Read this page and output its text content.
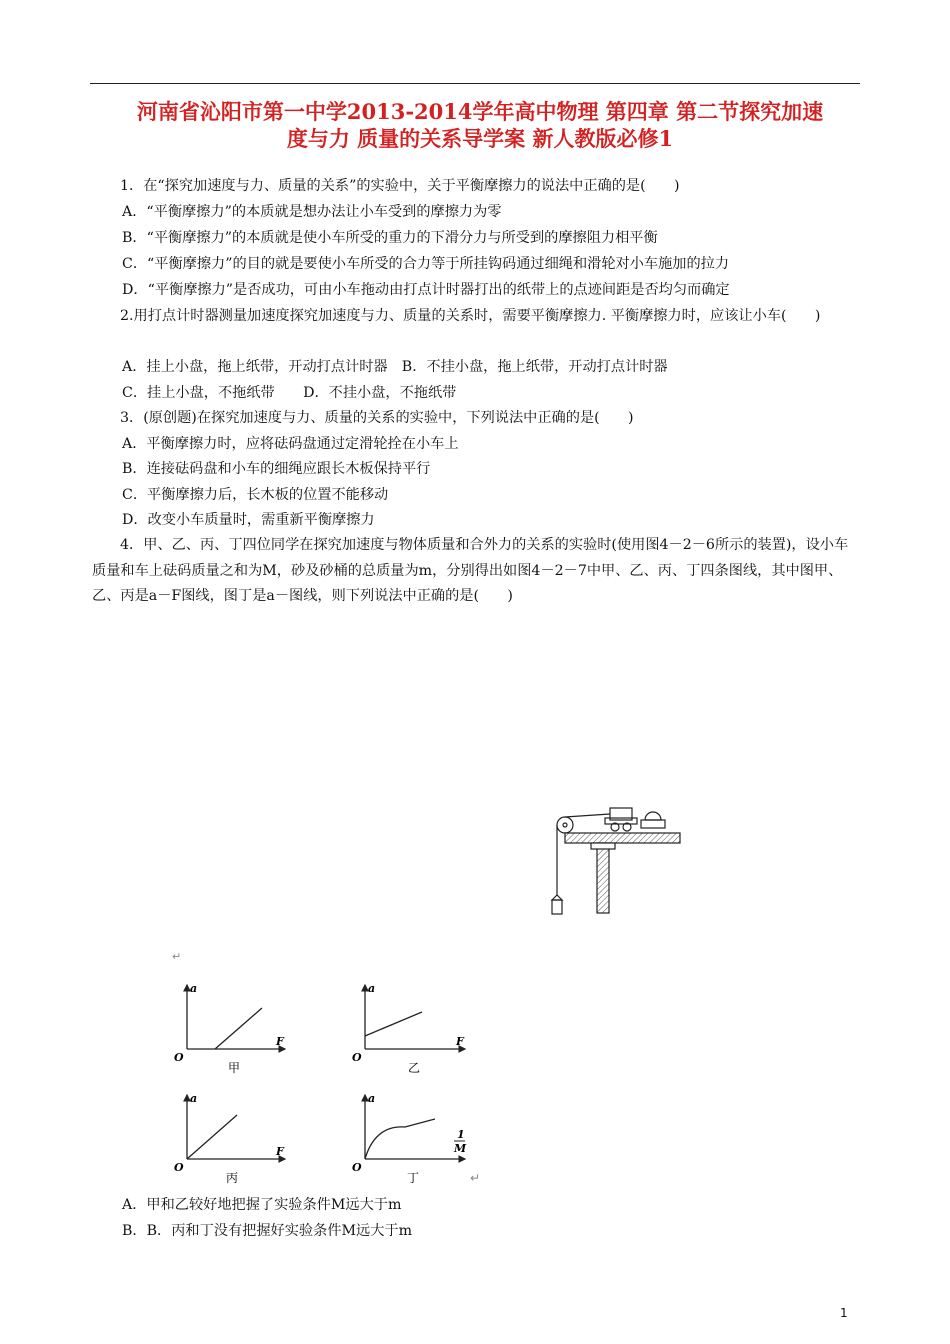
河南省沁阳市第一中学2013-2014学年高中物理 第四章 第二节探究加速
度与力 质量的关系导学案 新人教版必修1
1．在“探究加速度与力、质量的关系”的实验中，关于平衡摩擦力的说法中正确的是(　　)
A．“平衡摩擦力”的本质就是想办法让小车受到的摩擦力为零
B．“平衡摩擦力”的本质就是使小车所受的重力的下滑分力与所受到的摩擦阻力相平衡
C．“平衡摩擦力”的目的就是要使小车所受的合力等于所挂钩码通过细绳和滑轮对小车施加的拉力
D．“平衡摩擦力”是否成功，可由小车拖动由打点计时器打出的纸带上的点迹间距是否均匀而确定
2.用打点计时器测量加速度探究加速度与力、质量的关系时，需要平衡摩擦力. 平衡摩擦力时，应该让小车(　　)
A．挂上小盘，拖上纸带，开动打点计时器　B．不挂小盘，拖上纸带，开动打点计时器
C．挂上小盘，不拖纸带　　D．不挂小盘，不拖纸带
3．(原创题)在探究加速度与力、质量的关系的实验中，下列说法中正确的是(　　)
A．平衡摩擦力时，应将砝码盘通过定滑轮拴在小车上
B．连接砝码盘和小车的细绳应跟长木板保持平行
C．平衡摩擦力后，长木板的位置不能移动
D．改变小车质量时，需重新平衡摩擦力
4．甲、乙、丙、丁四位同学在探究加速度与物体质量和合外力的关系的实验时(使用图4－2－6所示的装置)，设小车质量和车上砝码质量之和为M，砂及砂桶的总质量为m，分别得出如图4－2－7中甲、乙、丙、丁四条图线，其中图甲、乙、丙是a－F图线，图丁是a－图线，则下列说法中正确的是(　　)
↵
a
O
F
甲
a
O
F
乙
a
O
F
丙
a
O
1
M
丁	↵
A．甲和乙较好地把握了实验条件M远大于m
B．B．丙和丁没有把握好实验条件M远大于m
1
